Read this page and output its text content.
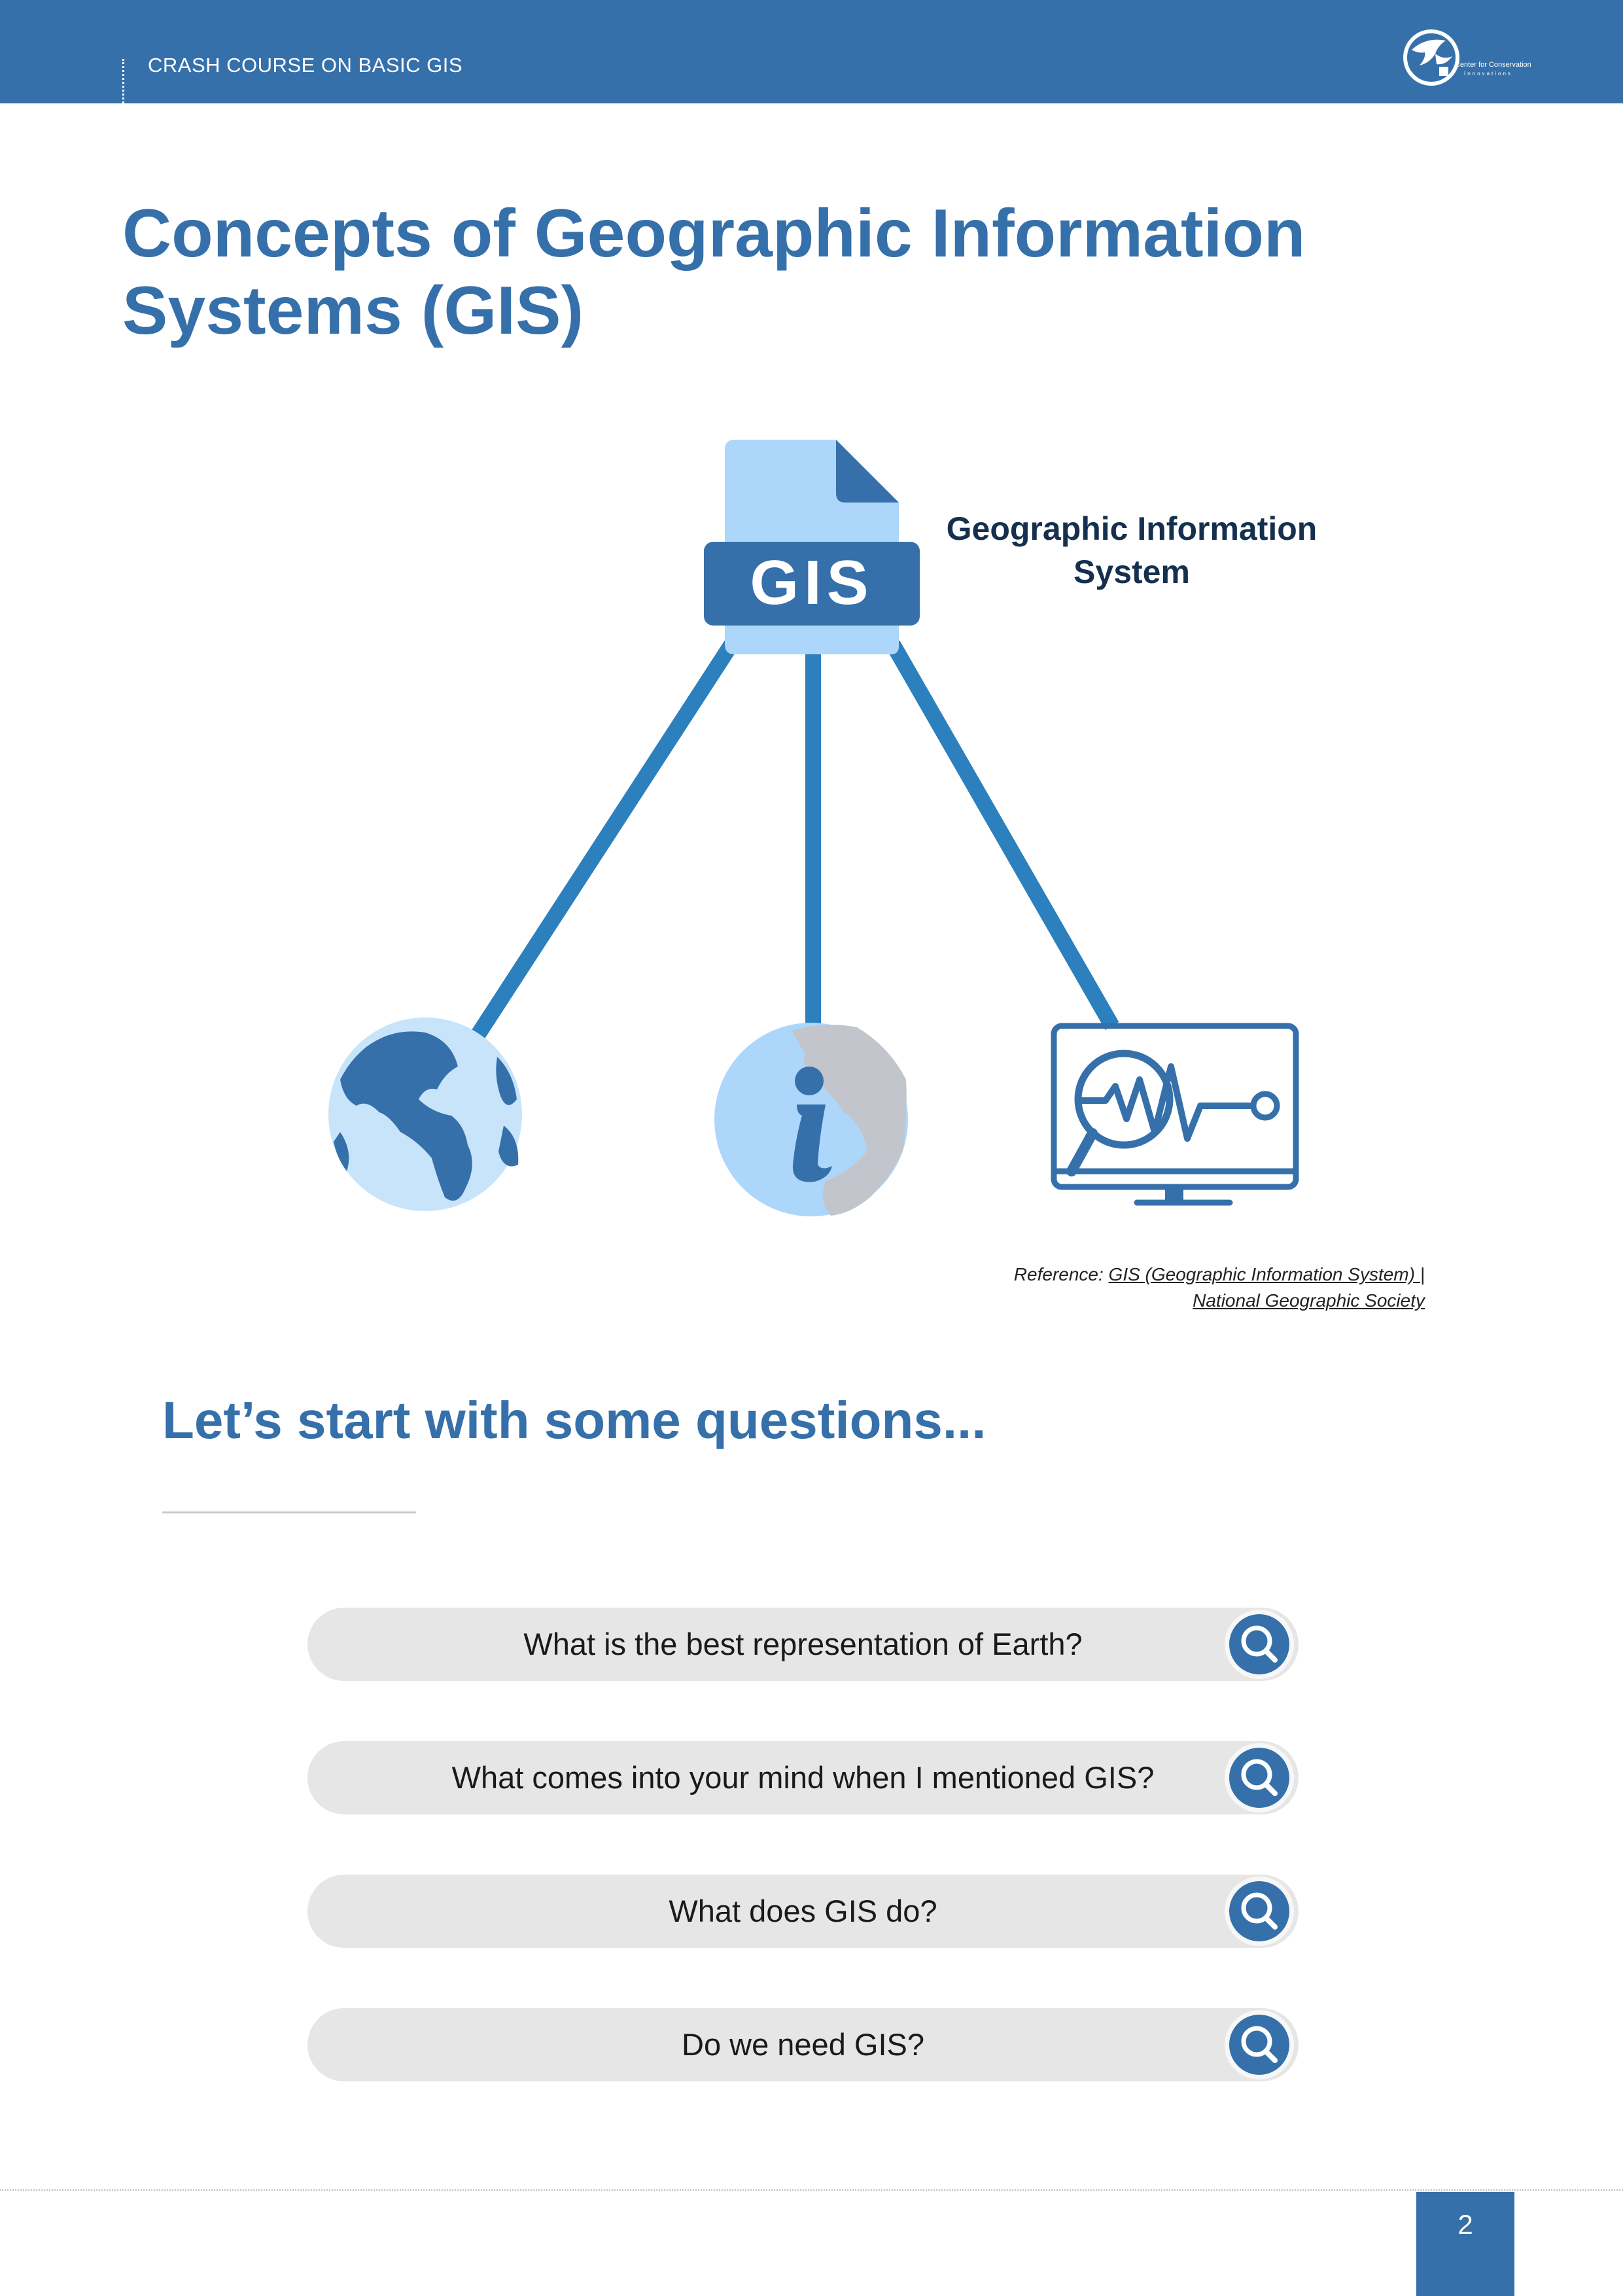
CRASH COURSE ON BASIC GIS	Center for Conservation
Innovations
Concepts of Geographic Information Systems (GIS)
GIS
Geographic Information System
Reference: GIS (Geographic Information System) |
National Geographic Society
Let’s start with some questions...
What is the best representation of Earth?
What comes into your mind when I mentioned GIS?
What does GIS do?
Do we need GIS?
2
